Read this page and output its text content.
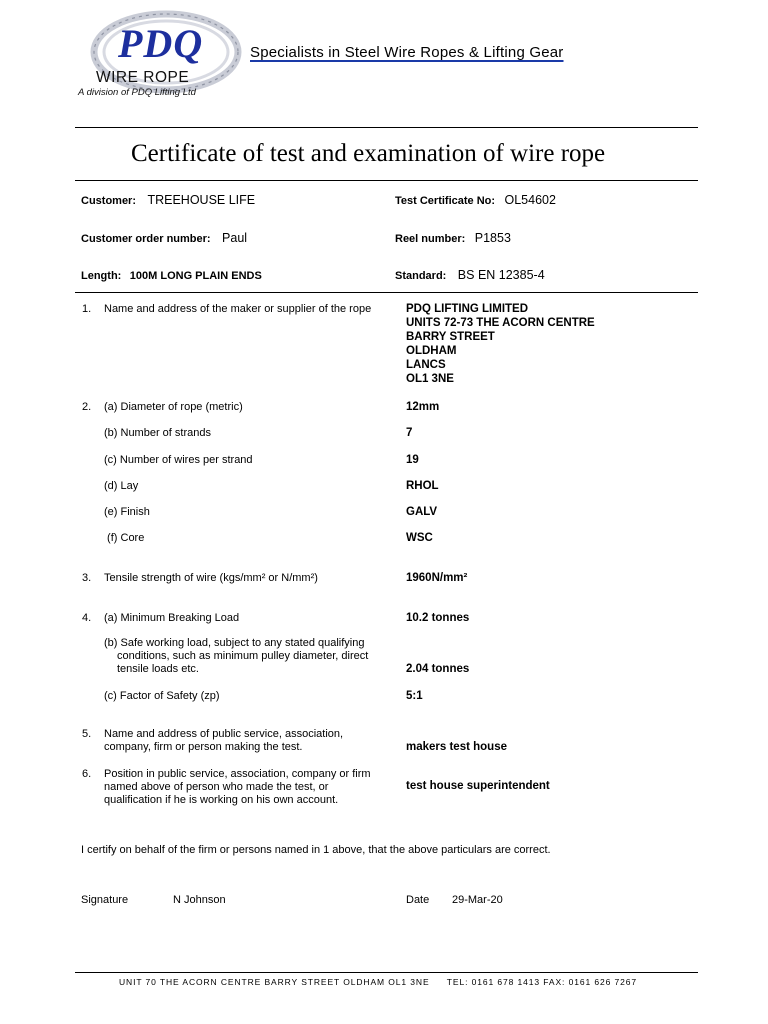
PDQ
WIRE ROPE
A division of PDQ Lifting Ltd
Specialists in Steel Wire Ropes & Lifting Gear
Certificate of test and examination of wire rope
Customer: TREEHOUSE LIFE	Test Certificate No: OL54602
Customer order number: Paul	Reel number: P1853
Length: 100M LONG PLAIN ENDS	Standard: BS EN 12385-4
1. Name and address of the maker or supplier of the rope	PDQ LIFTING LIMITED
UNITS 72-73 THE ACORN CENTRE
BARRY STREET
OLDHAM
LANCS
OL1 3NE
2. (a) Diameter of rope (metric)	12mm
(b) Number of strands	7
(c) Number of wires per strand	19
(d) Lay	RHOL
(e) Finish	GALV
(f) Core	WSC
3. Tensile strength of wire (kgs/mm² or N/mm²)	1960N/mm²
4. (a) Minimum Breaking Load	10.2 tonnes
(b) Safe working load, subject to any stated qualifying
conditions, such as minimum pulley diameter, direct
tensile loads etc.	2.04 tonnes
(c) Factor of Safety (zp)	5:1
5. Name and address of public service, association,
company, firm or person making the test.	makers test house
6. Position in public service, association, company or firm
named above of person who made the test, or
qualification if he is working on his own account.
test house superintendent
I certify on behalf of the firm or persons named in 1 above, that the above particulars are correct.
Signature	N Johnson	Date 29-Mar-20
UNIT 70 THE ACORN CENTRE BARRY STREET OLDHAM OL1 3NE TEL: 0161 678 1413 FAX: 0161 626 7267
